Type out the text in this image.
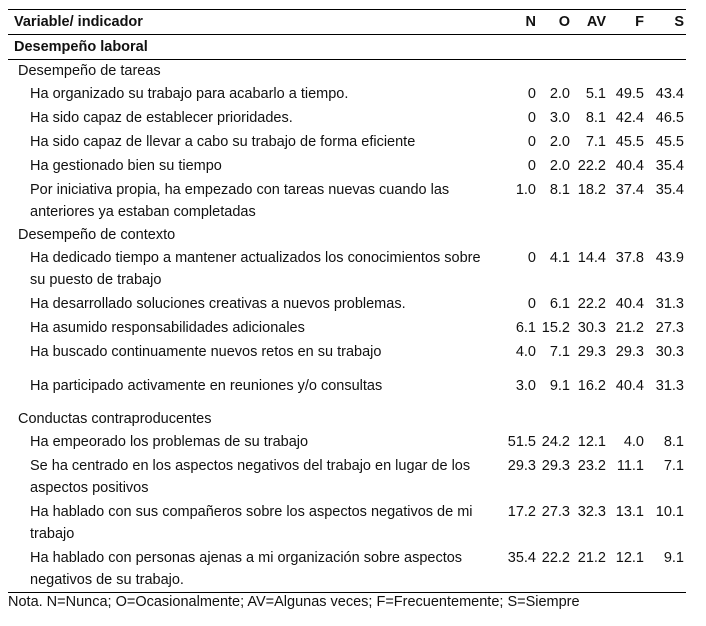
Variable/ indicador	N	O	AV	F	S
Desempeño laboral					
Desempeño de tareas					
Ha organizado su trabajo para acabarlo a tiempo.	0	2.0	5.1	49.5	43.4
Ha sido capaz de establecer prioridades.	0	3.0	8.1	42.4	46.5
Ha sido capaz de llevar a cabo su trabajo de forma eficiente	0	2.0	7.1	45.5	45.5
Ha gestionado bien su tiempo	0	2.0	22.2	40.4	35.4
Por iniciativa propia, ha empezado con tareas nuevas cuando las anteriores ya estaban completadas	1.0	8.1	18.2	37.4	35.4
Desempeño de contexto					
Ha dedicado tiempo a mantener actualizados los conocimientos sobre su puesto de trabajo	0	4.1	14.4	37.8	43.9
Ha desarrollado soluciones creativas a nuevos problemas.	0	6.1	22.2	40.4	31.3
Ha asumido responsabilidades adicionales	6.1	15.2	30.3	21.2	27.3
Ha buscado continuamente nuevos retos en su trabajo	4.0	7.1	29.3	29.3	30.3
Ha participado activamente en reuniones y/o consultas	3.0	9.1	16.2	40.4	31.3
Conductas contraproducentes					
Ha empeorado los problemas de su trabajo	51.5	24.2	12.1	4.0	8.1
Se ha centrado en los aspectos negativos del trabajo en lugar de los aspectos positivos	29.3	29.3	23.2	11.1	7.1
Ha hablado con sus compañeros sobre los aspectos negativos de mi trabajo	17.2	27.3	32.3	13.1	10.1
Ha hablado con personas ajenas a mi organización sobre aspectos negativos de su trabajo.	35.4	22.2	21.2	12.1	9.1
Nota. N=Nunca; O=Ocasionalmente; AV=Algunas veces; F=Frecuentemente; S=Siempre
